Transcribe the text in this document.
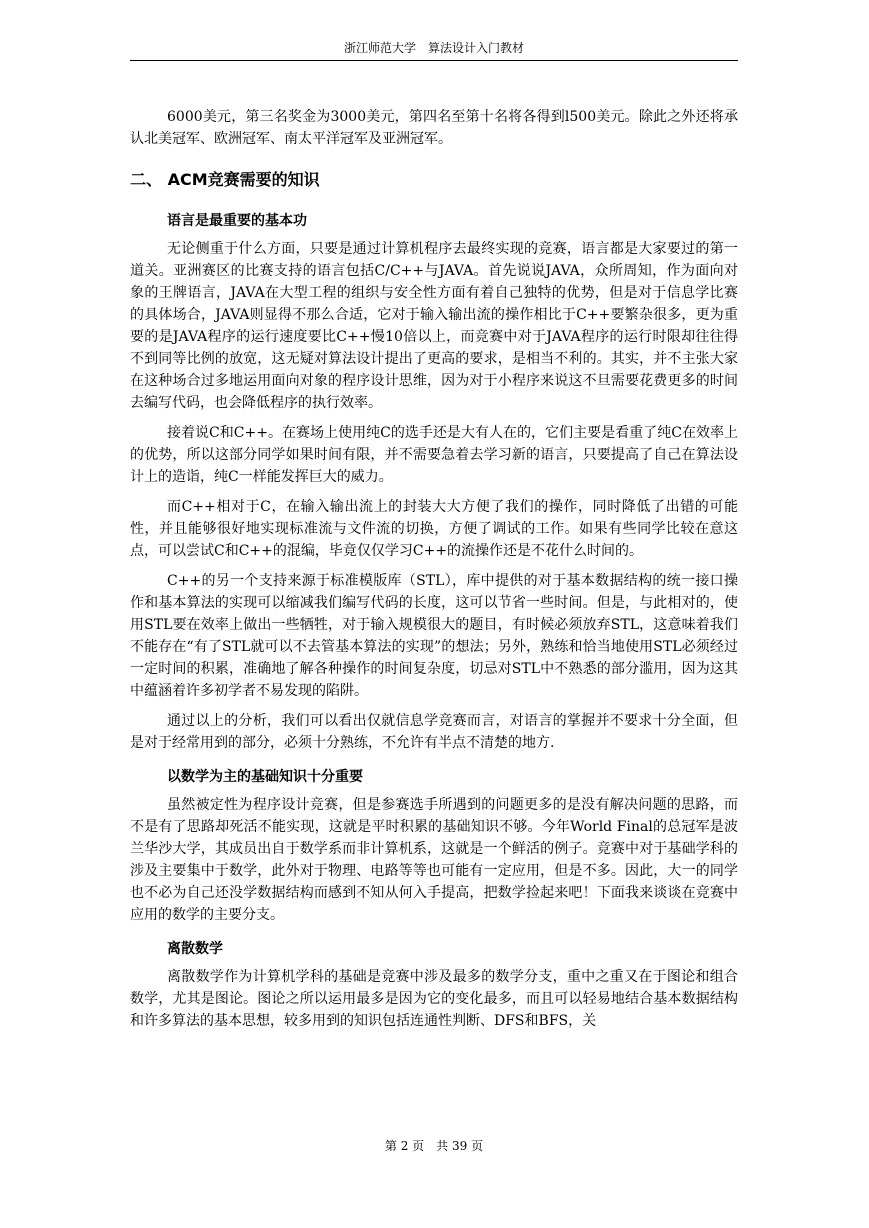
浙江师范大学　算法设计入门教材

6000美元，第三名奖金为3000美元，第四名至第十名将各得到l500美元。除此之外还将承认北美冠军、欧洲冠军、南太平洋冠军及亚洲冠军。

二、 ACM竞赛需要的知识
语言是最重要的基本功

无论侧重于什么方面，只要是通过计算机程序去最终实现的竞赛，语言都是大家要过的第一道关。亚洲赛区的比赛支持的语言包括C/C++与JAVA。首先说说JAVA，众所周知，作为面向对象的王牌语言，JAVA在大型工程的组织与安全性方面有着自己独特的优势，但是对于信息学比赛的具体场合，JAVA则显得不那么合适，它对于输入输出流的操作相比于C++要繁杂很多，更为重要的是JAVA程序的运行速度要比C++慢10倍以上，而竞赛中对于JAVA程序的运行时限却往往得不到同等比例的放宽，这无疑对算法设计提出了更高的要求，是相当不利的。其实，并不主张大家在这种场合过多地运用面向对象的程序设计思维，因为对于小程序来说这不旦需要花费更多的时间去编写代码，也会降低程序的执行效率。

接着说C和C++。在赛场上使用纯C的选手还是大有人在的，它们主要是看重了纯C在效率上的优势，所以这部分同学如果时间有限，并不需要急着去学习新的语言，只要提高了自己在算法设计上的造诣，纯C一样能发挥巨大的威力。

而C++相对于C，在输入输出流上的封装大大方便了我们的操作，同时降低了出错的可能性，并且能够很好地实现标准流与文件流的切换，方便了调试的工作。如果有些同学比较在意这点，可以尝试C和C++的混编，毕竟仅仅学习C++的流操作还是不花什么时间的。

C++的另一个支持来源于标准模版库（STL），库中提供的对于基本数据结构的统一接口操作和基本算法的实现可以缩减我们编写代码的长度，这可以节省一些时间。但是，与此相对的，使用STL要在效率上做出一些牺牲，对于输入规模很大的题目，有时候必须放弃STL，这意味着我们不能存在“有了STL就可以不去管基本算法的实现”的想法；另外，熟练和恰当地使用STL必须经过一定时间的积累，准确地了解各种操作的时间复杂度，切忌对STL中不熟悉的部分滥用，因为这其中蕴涵着许多初学者不易发现的陷阱。

通过以上的分析，我们可以看出仅就信息学竞赛而言，对语言的掌握并不要求十分全面，但是对于经常用到的部分，必须十分熟练，不允许有半点不清楚的地方.

以数学为主的基础知识十分重要

虽然被定性为程序设计竞赛，但是参赛选手所遇到的问题更多的是没有解决问题的思路，而不是有了思路却死活不能实现，这就是平时积累的基础知识不够。今年World Final的总冠军是波兰华沙大学，其成员出自于数学系而非计算机系，这就是一个鲜活的例子。竞赛中对于基础学科的涉及主要集中于数学，此外对于物理、电路等等也可能有一定应用，但是不多。因此，大一的同学也不必为自己还没学数据结构而感到不知从何入手提高，把数学捡起来吧！下面我来谈谈在竞赛中应用的数学的主要分支。

离散数学

离散数学作为计算机学科的基础是竞赛中涉及最多的数学分支，重中之重又在于图论和组合数学，尤其是图论。图论之所以运用最多是因为它的变化最多，而且可以轻易地结合基本数据结构和许多算法的基本思想，较多用到的知识包括连通性判断、DFS和BFS，关

第 2 页　共 39 页
